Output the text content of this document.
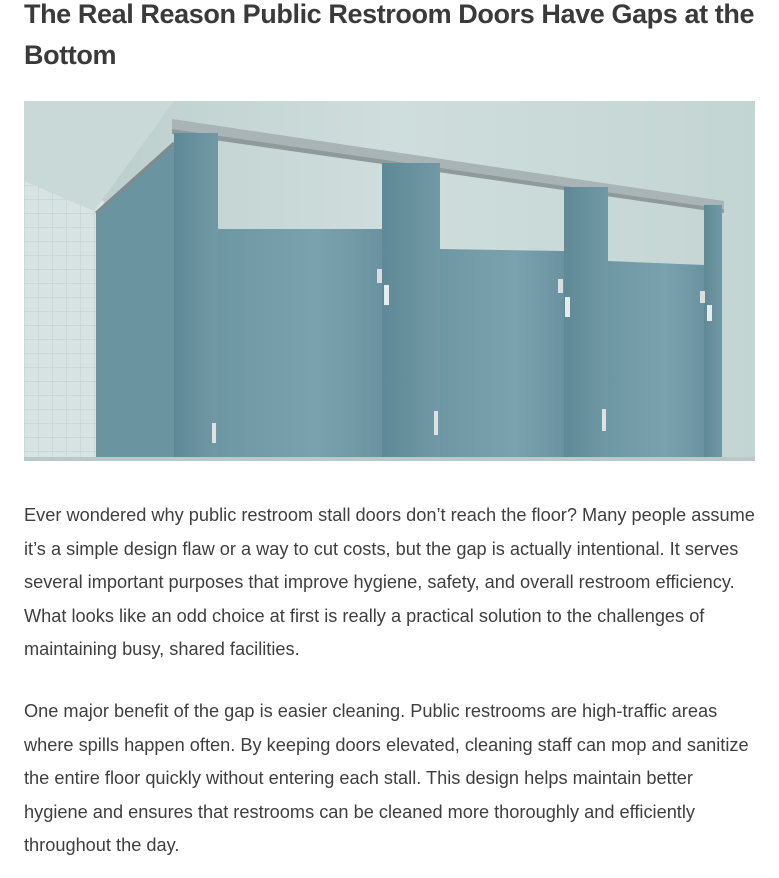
The Real Reason Public Restroom Doors Have Gaps at the Bottom

Ever wondered why public restroom stall doors don’t reach the floor? Many people assume it’s a simple design flaw or a way to cut costs, but the gap is actually intentional. It serves several important purposes that improve hygiene, safety, and overall restroom efficiency. What looks like an odd choice at first is really a practical solution to the challenges of maintaining busy, shared facilities.

One major benefit of the gap is easier cleaning. Public restrooms are high-traffic areas where spills happen often. By keeping doors elevated, cleaning staff can mop and sanitize the entire floor quickly without entering each stall. This design helps maintain better hygiene and ensures that restrooms can be cleaned more thoroughly and efficiently throughout the day.
